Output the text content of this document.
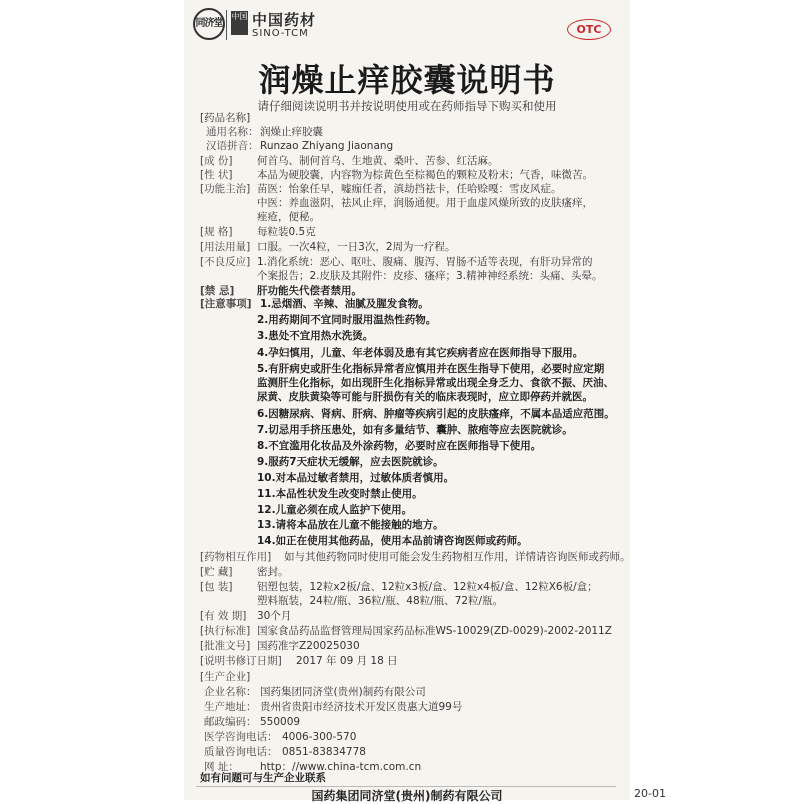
同济堂
中国 中国药材
SINO-TCM	OTC
润燥止痒胶囊说明书
请仔细阅读说明书并按说明使用或在药师指导下购买和使用
[药品名称]
通用名称： 润燥止痒胶囊
汉语拼音： Runzao Zhiyang Jiaonang
[成 份] 何首乌、制何首乌、生地黄、桑叶、苦参、红活麻。
[性 状] 本品为硬胶囊，内容物为棕黄色至棕褐色的颗粒及粉末；气香，味微苦。
[功能主治] 苗医：怡象任早，嘘痂任者，滇劫挡祛卡，任哈赊嘎：雪皮风症。
中医：养血滋阴，祛风止痒，润肠通便。用于血虚风燥所致的皮肤瘙痒，
痤疮，便秘。
[规 格] 每粒装0.5克
[用法用量] 口服。一次4粒，一日3次，2周为一疗程。
[不良反应] 1.消化系统：恶心、呕吐、腹痛、腹泻、胃肠不适等表现，有肝功异常的
个案报告；2.皮肤及其附件：皮疹、瘙痒；3.精神神经系统：头痛、头晕。
[禁 忌] 肝功能失代偿者禁用。
[注意事项] 1.忌烟酒、辛辣、油腻及腥发食物。
2.用药期间不宜同时服用温热性药物。
3.患处不宜用热水洗烫。
4.孕妇慎用，儿童、年老体弱及患有其它疾病者应在医师指导下服用。
5.有肝病史或肝生化指标异常者应慎用并在医生指导下使用，必要时应定期
监测肝生化指标，如出现肝生化指标异常或出现全身乏力、食欲不振、厌油、
尿黄、皮肤黄染等可能与肝损伤有关的临床表现时，应立即停药并就医。
6.因糖尿病、肾病、肝病、肿瘤等疾病引起的皮肤瘙痒，不属本品适应范围。
7.切忌用手挤压患处，如有多量结节、囊肿、脓疱等应去医院就诊。
8.不宜滥用化妆品及外涂药物，必要时应在医师指导下使用。
9.服药7天症状无缓解，应去医院就诊。
10.对本品过敏者禁用，过敏体质者慎用。
11.本品性状发生改变时禁止使用。
12.儿童必须在成人监护下使用。
13.请将本品放在儿童不能接触的地方。
14.如正在使用其他药品，使用本品前请咨询医师或药师。
[药物相互作用] 如与其他药物同时使用可能会发生药物相互作用，详情请咨询医师或药师。
[贮 藏] 密封。
[包 装] 铝塑包装，12粒x2板/盒、12粒x3板/盒、12粒x4板/盒、12粒X6板/盒；
塑料瓶装，24粒/瓶、36粒/瓶、48粒/瓶、72粒/瓶。
[有 效 期] 30个月
[执行标准] 国家食品药品监督管理局国家药品标准WS-10029(ZD-0029)-2002-2011Z
[批准文号] 国药准字Z20025030
[说明书修订日期] 2017 年 09 月 18 日
[生产企业]
企业名称： 国药集团同济堂(贵州)制药有限公司
生产地址： 贵州省贵阳市经济技术开发区贵惠大道99号
邮政编码： 550009
医学咨询电话： 4006-300-570
质量咨询电话： 0851-83834778
网 址： http：//www.china-tcm.com.cn
如有问题可与生产企业联系
国药集团同济堂(贵州)制药有限公司	20-01
